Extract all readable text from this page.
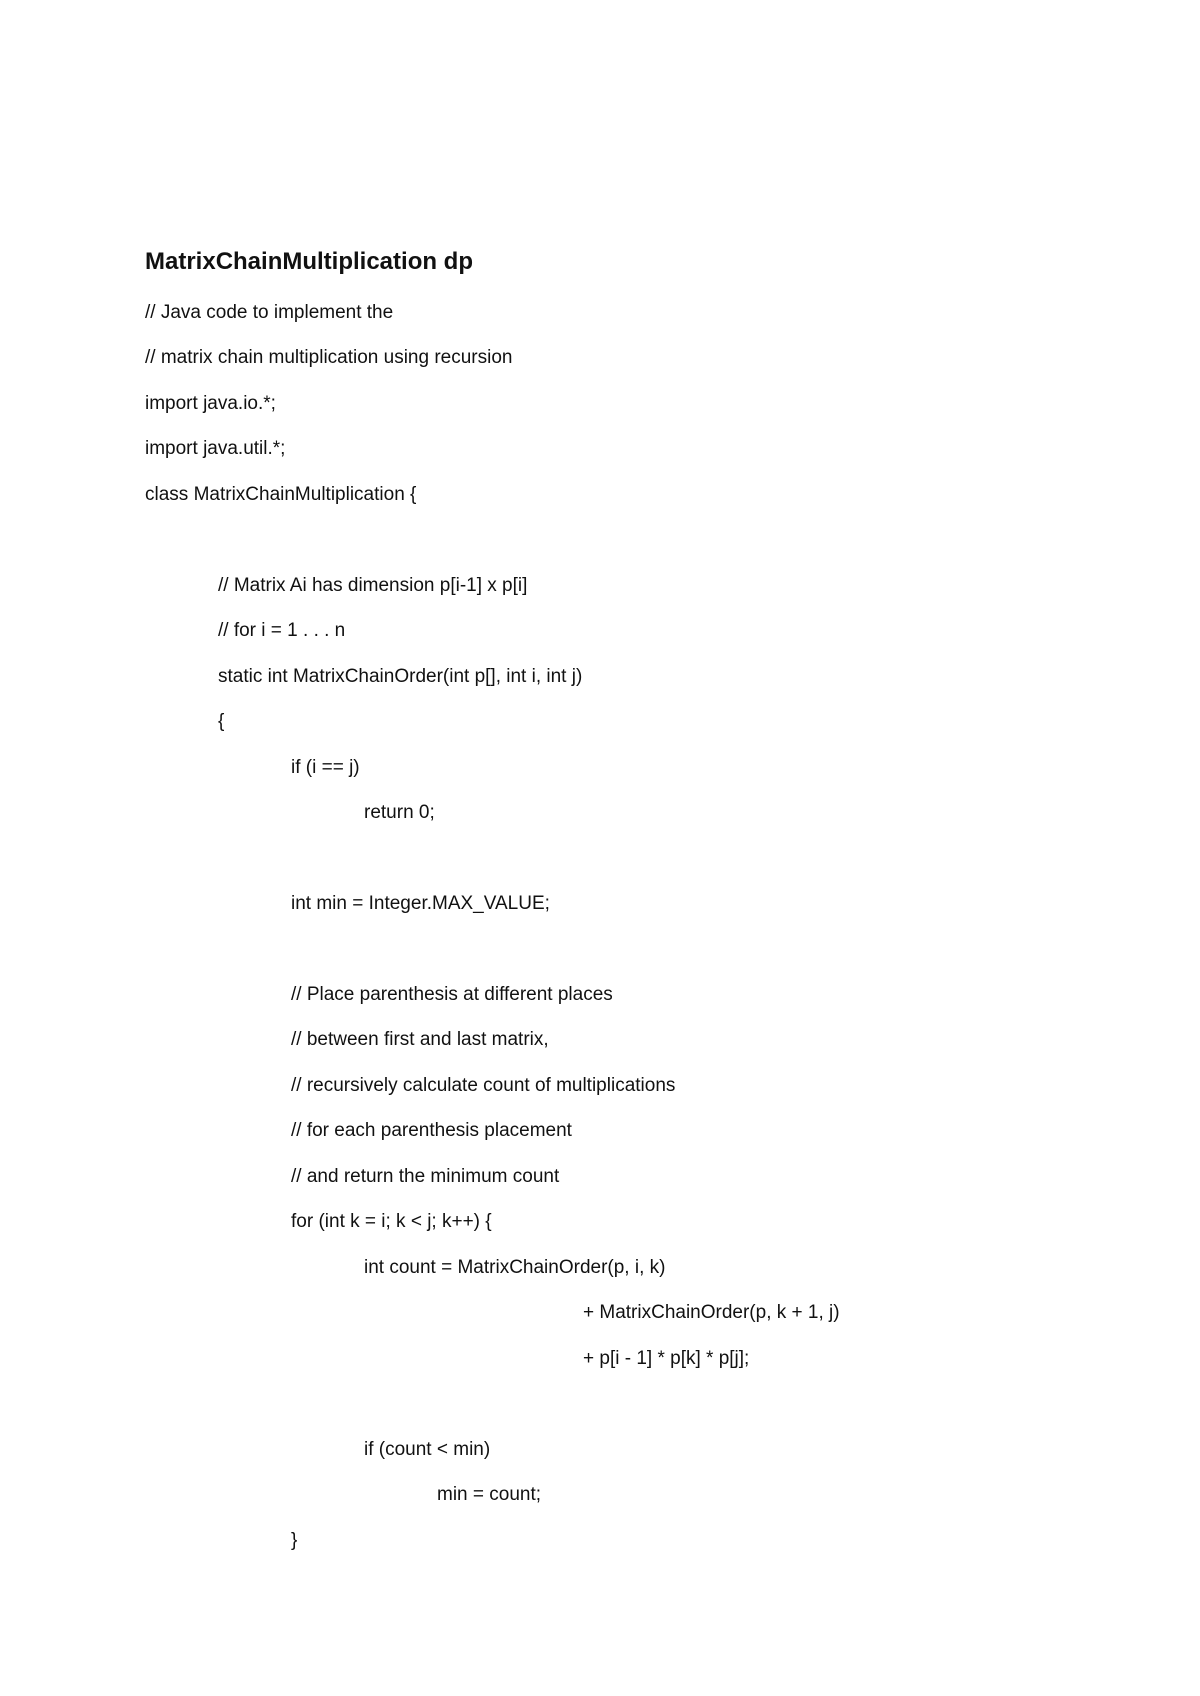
MatrixChainMultiplication dp
// Java code to implement the
// matrix chain multiplication using recursion
import java.io.*;
import java.util.*;
class MatrixChainMultiplication {
// Matrix Ai has dimension p[i-1] x p[i]
// for i = 1 . . . n
static int MatrixChainOrder(int p[], int i, int j)
{
if (i == j)
return 0;
int min = Integer.MAX_VALUE;
// Place parenthesis at different places
// between first and last matrix,
// recursively calculate count of multiplications
// for each parenthesis placement
// and return the minimum count
for (int k = i; k < j; k++) {
int count = MatrixChainOrder(p, i, k)
+ MatrixChainOrder(p, k + 1, j)
+ p[i - 1] * p[k] * p[j];
if (count < min)
min = count;
}
